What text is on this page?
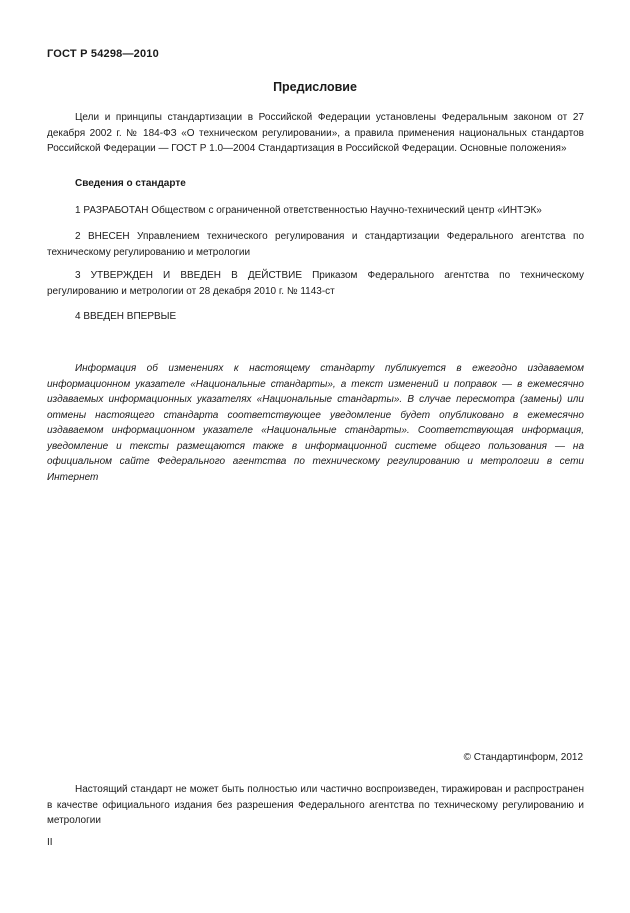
ГОСТ Р 54298—2010
Предисловие
Цели и принципы стандартизации в Российской Федерации установлены Федеральным законом от 27 декабря 2002 г. № 184-ФЗ «О техническом регулировании», а правила применения национальных стандартов Российской Федерации — ГОСТ Р 1.0—2004 Стандартизация в Российской Федерации. Основные положения»
Сведения о стандарте
1 РАЗРАБОТАН Обществом с ограниченной ответственностью Научно-технический центр «ИНТЭК»
2 ВНЕСЕН Управлением технического регулирования и стандартизации Федерального агентства по техническому регулированию и метрологии
3 УТВЕРЖДЕН И ВВЕДЕН В ДЕЙСТВИЕ Приказом Федерального агентства по техническому регулированию и метрологии от 28 декабря 2010 г. № 1143-ст
4 ВВЕДЕН ВПЕРВЫЕ
Информация об изменениях к настоящему стандарту публикуется в ежегодно издаваемом информационном указателе «Национальные стандарты», а текст изменений и поправок — в ежемесячно издаваемых информационных указателях «Национальные стандарты». В случае пересмотра (замены) или отмены настоящего стандарта соответствующее уведомление будет опубликовано в ежемесячно издаваемом информационном указателе «Национальные стандарты». Соответствующая информация, уведомление и тексты размещаются также в информационной системе общего пользования — на официальном сайте Федерального агентства по техническому регулированию и метрологии в сети Интернет
© Стандартинформ, 2012
Настоящий стандарт не может быть полностью или частично воспроизведен, тиражирован и распространен в качестве официального издания без разрешения Федерального агентства по техническому регулированию и метрологии
II
